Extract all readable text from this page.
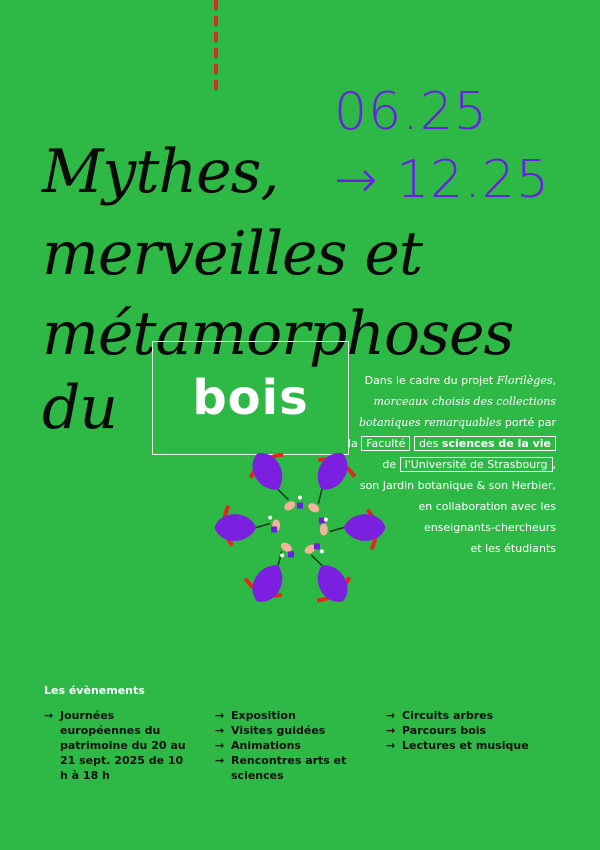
06.25
→ 12.25
Mythes,
merveilles et
métamorphoses
du bois	Dans le cadre du projet Florilèges,
morceaux choisis des collections
botaniques remarquables porté par
la Faculté des sciences de la vie
de l'Université de Strasbourg ,
son Jardin botanique & son Herbier,
en collaboration avec les
enseignants-chercheurs
et les étudiants
Les évènements
→ Journées européennes du patrimoine du 20 au 21 sept. 2025 de 10 h à 18 h
→ Exposition
→ Visites guidées
→ Animations
→ Rencontres arts et sciences
→ Circuits arbres
→ Parcours bois
→ Lectures et musique
